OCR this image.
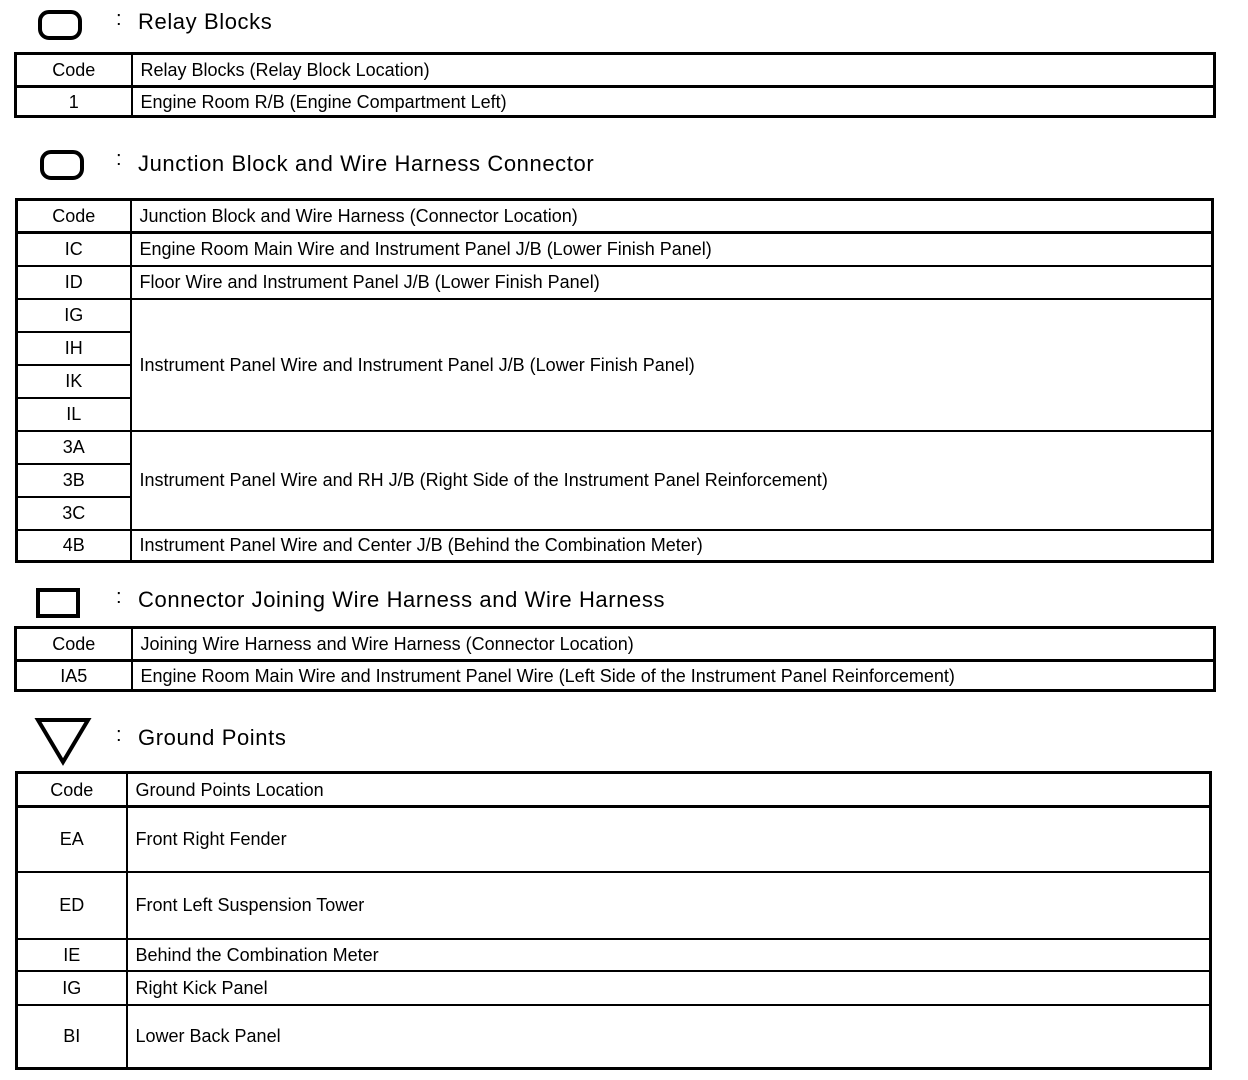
: Relay Blocks
Code	Relay Blocks (Relay Block Location)
1	Engine Room R/B (Engine Compartment Left)
: Junction Block and Wire Harness Connector
Code	Junction Block and Wire Harness (Connector Location)
IC	Engine Room Main Wire and Instrument Panel J/B (Lower Finish Panel)
ID	Floor Wire and Instrument Panel J/B (Lower Finish Panel)
IG	Instrument Panel Wire and Instrument Panel J/B (Lower Finish Panel)
IH	
IK	
IL	
3A	Instrument Panel Wire and RH J/B (Right Side of the Instrument Panel Reinforcement)
3B	
3C	
4B	Instrument Panel Wire and Center J/B (Behind the Combination Meter)
: Connector Joining Wire Harness and Wire Harness
Code	Joining Wire Harness and Wire Harness (Connector Location)
IA5	Engine Room Main Wire and Instrument Panel Wire (Left Side of the Instrument Panel Reinforcement)
: Ground Points
Code	Ground Points Location
EA	Front Right Fender
ED	Front Left Suspension Tower
IE	Behind the Combination Meter
IG	Right Kick Panel
BI	Lower Back Panel
